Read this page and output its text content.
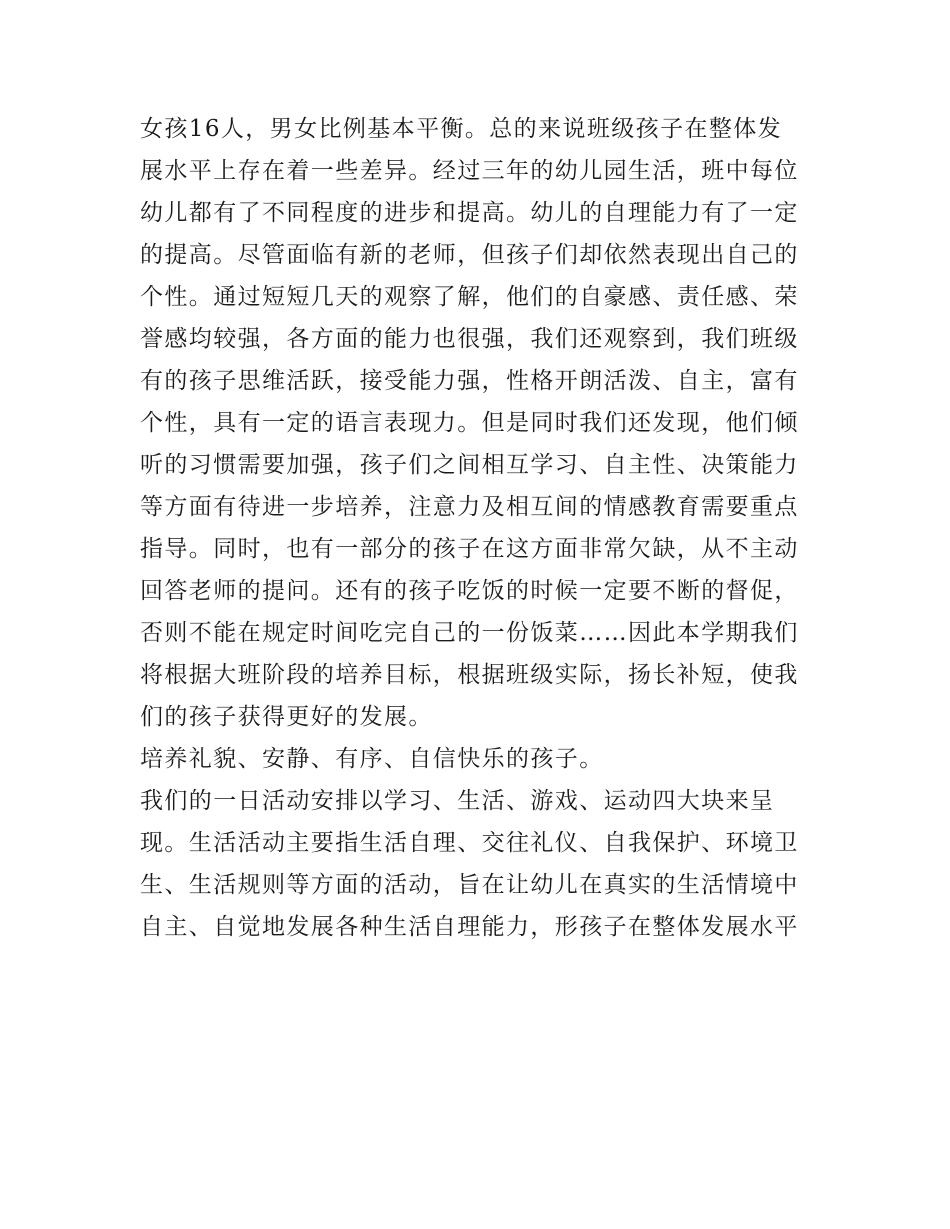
女孩16人，男女比例基本平衡。总的来说班级孩子在整体发
展水平上存在着一些差异。经过三年的幼儿园生活，班中每位
幼儿都有了不同程度的进步和提高。幼儿的自理能力有了一定
的提高。尽管面临有新的老师，但孩子们却依然表现出自己的
个性。通过短短几天的观察了解，他们的自豪感、责任感、荣
誉感均较强，各方面的能力也很强，我们还观察到，我们班级
有的孩子思维活跃，接受能力强，性格开朗活泼、自主，富有
个性，具有一定的语言表现力。但是同时我们还发现，他们倾
听的习惯需要加强，孩子们之间相互学习、自主性、决策能力
等方面有待进一步培养，注意力及相互间的情感教育需要重点
指导。同时，也有一部分的孩子在这方面非常欠缺，从不主动
回答老师的提问。还有的孩子吃饭的时候一定要不断的督促，
否则不能在规定时间吃完自己的一份饭菜……因此本学期我们
将根据大班阶段的培养目标，根据班级实际，扬长补短，使我
们的孩子获得更好的发展。
培养礼貌、安静、有序、自信快乐的孩子。
我们的一日活动安排以学习、生活、游戏、运动四大块来呈
现。生活活动主要指生活自理、交往礼仪、自我保护、环境卫
生、生活规则等方面的活动，旨在让幼儿在真实的生活情境中
自主、自觉地发展各种生活自理能力，形孩子在整体发展水平
